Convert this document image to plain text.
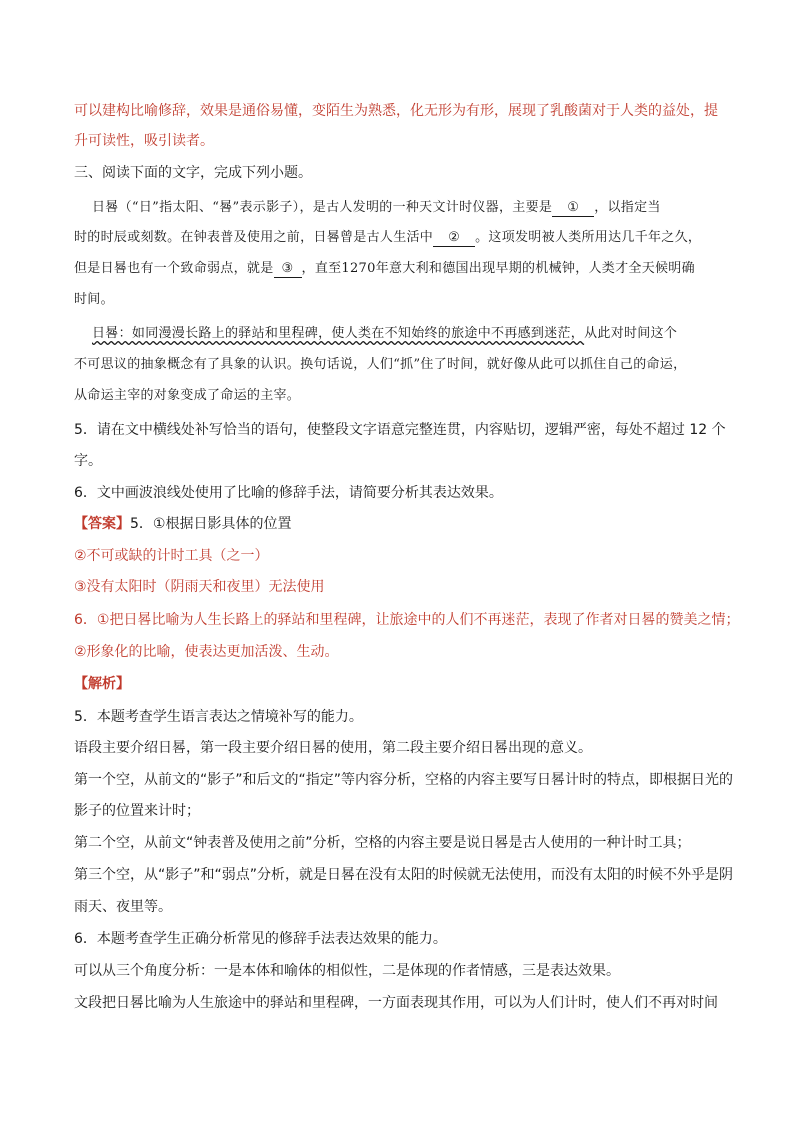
可以建构比喻修辞，效果是通俗易懂，变陌生为熟悉，化无形为有形，展现了乳酸菌对于人类的益处，提
升可读性，吸引读者。
三、阅读下面的文字，完成下列小题。
日晷（“日”指太阳、“晷”表示影子），是古人发明的一种天文计时仪器，主要是 ① ，以指定当
时的时辰或刻数。在钟表普及使用之前，日晷曾是古人生活中 ② 。这项发明被人类所用达几千年之久，
但是日晷也有一个致命弱点，就是 ③ ，直至1270年意大利和德国出现早期的机械钟，人类才全天候明确
时间。
日晷：如同漫漫长路上的驿站和里程碑，使人类在不知始终的旅途中不再感到迷茫，从此对时间这个
不可思议的抽象概念有了具象的认识。换句话说，人们“抓”住了时间，就好像从此可以抓住自己的命运，
从命运主宰的对象变成了命运的主宰。
5．请在文中横线处补写恰当的语句，使整段文字语意完整连贯，内容贴切，逻辑严密，每处不超过 12 个
字。
6．文中画波浪线处使用了比喻的修辞手法，请简要分析其表达效果。
【答案】5．①根据日影具体的位置
②不可或缺的计时工具（之一）
③没有太阳时（阴雨天和夜里）无法使用
6．①把日晷比喻为人生长路上的驿站和里程碑，让旅途中的人们不再迷茫，表现了作者对日晷的赞美之情；
②形象化的比喻，使表达更加活泼、生动。
【解析】
5．本题考查学生语言表达之情境补写的能力。
语段主要介绍日晷，第一段主要介绍日晷的使用，第二段主要介绍日晷出现的意义。
第一个空，从前文的“影子”和后文的“指定”等内容分析，空格的内容主要写日晷计时的特点，即根据日光的
影子的位置来计时；
第二个空，从前文“钟表普及使用之前”分析，空格的内容主要是说日晷是古人使用的一种计时工具；
第三个空，从“影子”和“弱点”分析，就是日晷在没有太阳的时候就无法使用，而没有太阳的时候不外乎是阴
雨天、夜里等。
6．本题考查学生正确分析常见的修辞手法表达效果的能力。
可以从三个角度分析：一是本体和喻体的相似性，二是体现的作者情感，三是表达效果。
文段把日晷比喻为人生旅途中的驿站和里程碑，一方面表现其作用，可以为人们计时，使人们不再对时间
